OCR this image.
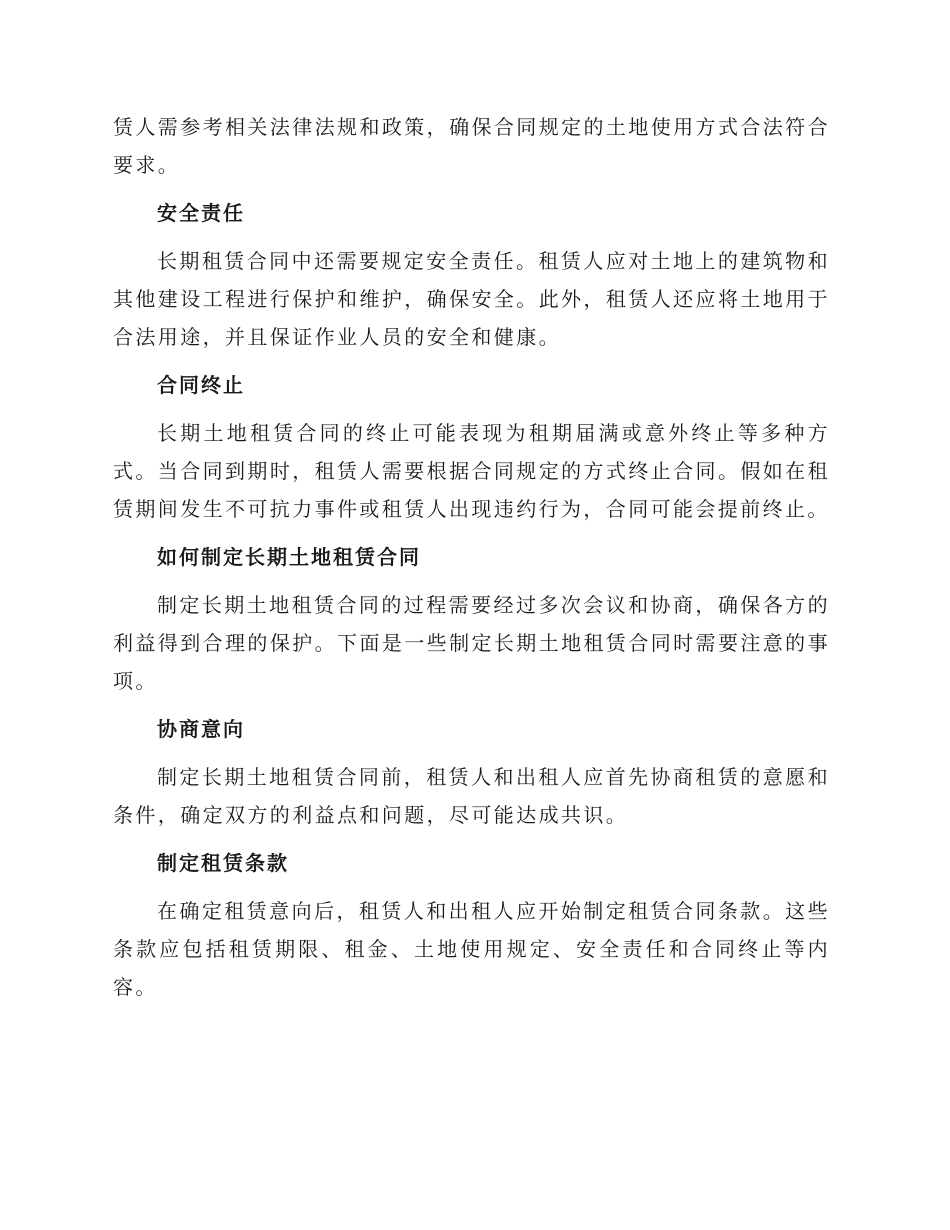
赁人需参考相关法律法规和政策，确保合同规定的土地使用方式合法符合要求。

安全责任

长期租赁合同中还需要规定安全责任。租赁人应对土地上的建筑物和其他建设工程进行保护和维护，确保安全。此外，租赁人还应将土地用于合法用途，并且保证作业人员的安全和健康。

合同终止

长期土地租赁合同的终止可能表现为租期届满或意外终止等多种方式。当合同到期时，租赁人需要根据合同规定的方式终止合同。假如在租赁期间发生不可抗力事件或租赁人出现违约行为，合同可能会提前终止。

如何制定长期土地租赁合同

制定长期土地租赁合同的过程需要经过多次会议和协商，确保各方的利益得到合理的保护。下面是一些制定长期土地租赁合同时需要注意的事项。

协商意向

制定长期土地租赁合同前，租赁人和出租人应首先协商租赁的意愿和条件，确定双方的利益点和问题，尽可能达成共识。

制定租赁条款

在确定租赁意向后，租赁人和出租人应开始制定租赁合同条款。这些条款应包括租赁期限、租金、土地使用规定、安全责任和合同终止等内容。
